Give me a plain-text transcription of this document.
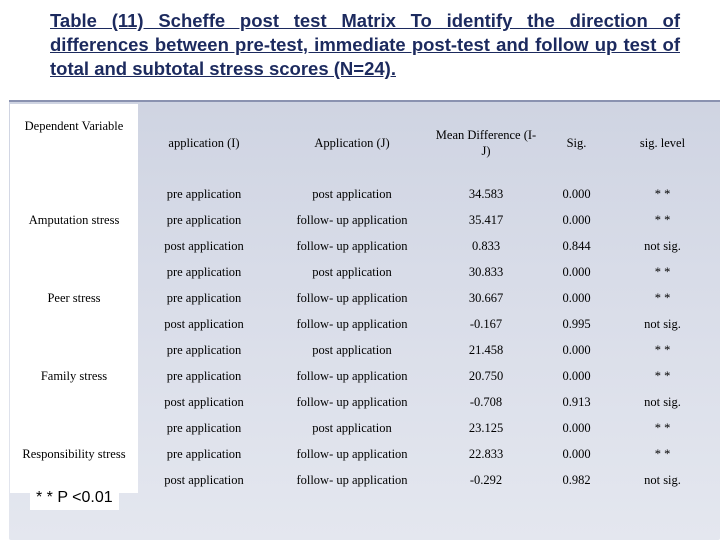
Table (11) Scheffe post test Matrix To identify the direction of differences between pre-test, immediate post-test and follow up test of total and subtotal stress scores (N=24).
Dependent Variable	application (I)	Application (J)	Mean Difference (I-J)	Sig.	sig. level
Amputation stress	pre application	post application	34.583	0.000	* *
	pre application	follow- up application	35.417	0.000	* *
	post application	follow- up application	0.833	0.844	not sig.
Peer stress	pre application	post application	30.833	0.000	* *
	pre application	follow- up application	30.667	0.000	* *
	post application	follow- up application	-0.167	0.995	not sig.
Family stress	pre application	post application	21.458	0.000	* *
	pre application	follow- up application	20.750	0.000	* *
	post application	follow- up application	-0.708	0.913	not sig.
Responsibility stress	pre application	post application	23.125	0.000	* *
	pre application	follow- up application	22.833	0.000	* *
	post application	follow- up application	-0.292	0.982	not sig.
* * P <0.01
